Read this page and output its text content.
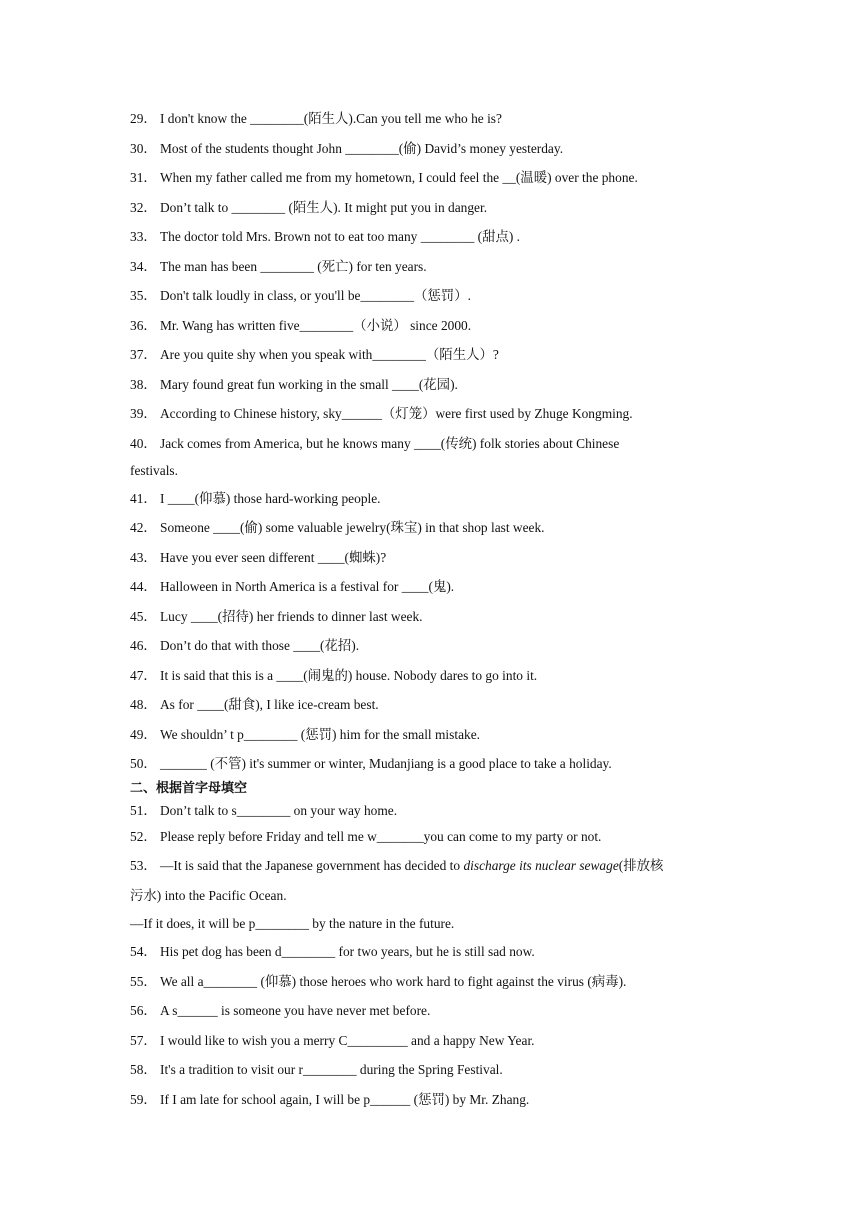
29． I don't know the ________(陌生人).Can you tell me who he is?

30． Most of the students thought John ________(偷) David’s money yesterday.

31． When my father called me from my hometown, I could feel the __(温暖) over the phone.

32． Don’t talk to ________ (陌生人). It might put you in danger.

33． The doctor told Mrs. Brown not to eat too many ________ (甜点) .

34． The man has been ________ (死亡) for ten years.

35． Don't talk loudly in class, or you'll be________（惩罚）.

36． Mr. Wang has written five________（小说） since 2000.

37． Are you quite shy when you speak with________（陌生人）?

38． Mary found great fun working in the small ____(花园).

39． According to Chinese history, sky______（灯笼）were first used by Zhuge Kongming.

40． Jack comes from America, but he knows many ____(传统) folk stories about Chinese

festivals.

41． I ____(仰慕) those hard-working people.

42． Someone ____(偷) some valuable jewelry(珠宝) in that shop last week.

43． Have you ever seen different ____(蜘蛛)?

44． Halloween in North America is a festival for ____(鬼).

45． Lucy ____(招待) her friends to dinner last week.

46． Don’t do that with those ____(花招).

47． It is said that this is a ____(闹鬼的) house. Nobody dares to go into it.

48． As for ____(甜食), I like ice-cream best.

49． We shouldn’ t p________ (惩罚) him for the small mistake.

50． _______ (不管) it's summer or winter, Mudanjiang is a good place to take a holiday.

二、根据首字母填空

51． Don’t talk to s________ on your way home.

52． Please reply before Friday and tell me w_______you can come to my party or not.

53． —It is said that the Japanese government has decided to discharge its nuclear sewage(排放核

污水) into the Pacific Ocean.

—If it does, it will be p________ by the nature in the future.

54． His pet dog has been d________ for two years, but he is still sad now.

55． We all a________ (仰慕) those heroes who work hard to fight against the virus (病毒).

56． A s______ is someone you have never met before.

57． I would like to wish you a merry C_________ and a happy New Year.

58． It's a tradition to visit our r________ during the Spring Festival.

59． If I am late for school again, I will be p______ (惩罚) by Mr. Zhang.
